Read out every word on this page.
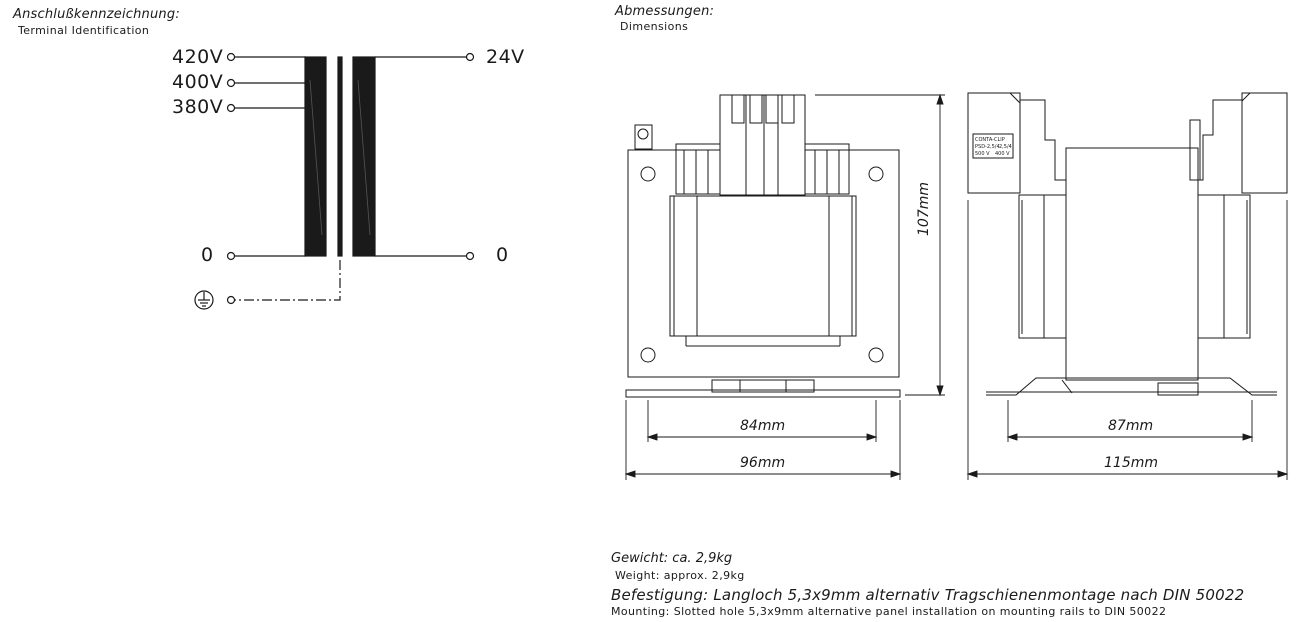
Anschlußkennzeichnung:
Terminal Identification
420V
400V
380V
0
24V
0
CONTA-CLIP
PSD-2,5/4 2,5/4
500 V 400 V
Abmessungen:
Dimensions
107mm
84mm
96mm
87mm
115mm
Gewicht: ca. 2,9kg
Weight: approx. 2,9kg
Befestigung: Langloch 5,3x9mm alternativ Tragschienenmontage nach DIN 50022
Mounting: Slotted hole 5,3x9mm alternative panel installation on mounting rails to DIN 50022
